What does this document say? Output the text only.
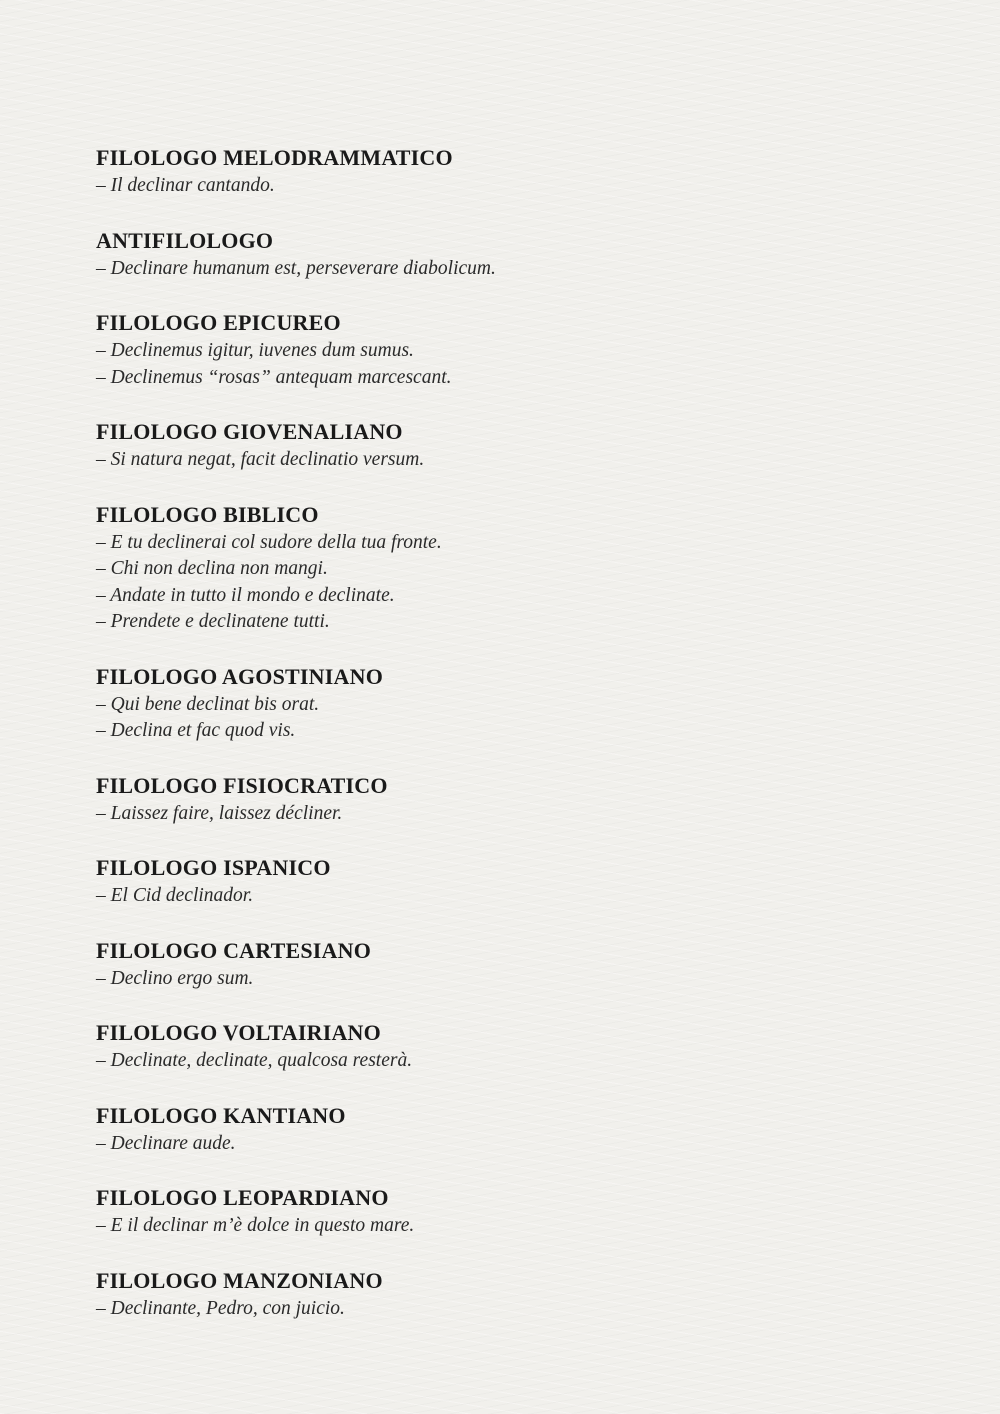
FILOLOGO MELODRAMMATICO

– Il declinar cantando.

ANTIFILOLOGO

– Declinare humanum est, perseverare diabolicum.

FILOLOGO EPICUREO

– Declinemus igitur, iuvenes dum sumus.

– Declinemus “rosas” antequam marcescant.

FILOLOGO GIOVENALIANO

– Si natura negat, facit declinatio versum.

FILOLOGO BIBLICO

– E tu declinerai col sudore della tua fronte.

– Chi non declina non mangi.

– Andate in tutto il mondo e declinate.

– Prendete e declinatene tutti.

FILOLOGO AGOSTINIANO

– Qui bene declinat bis orat.

– Declina et fac quod vis.

FILOLOGO FISIOCRATICO

– Laissez faire, laissez décliner.

FILOLOGO ISPANICO

– El Cid declinador.

FILOLOGO CARTESIANO

– Declino ergo sum.

FILOLOGO VOLTAIRIANO

– Declinate, declinate, qualcosa resterà.

FILOLOGO KANTIANO

– Declinare aude.

FILOLOGO LEOPARDIANO

– E il declinar m’è dolce in questo mare.

FILOLOGO MANZONIANO

– Declinante, Pedro, con juicio.
